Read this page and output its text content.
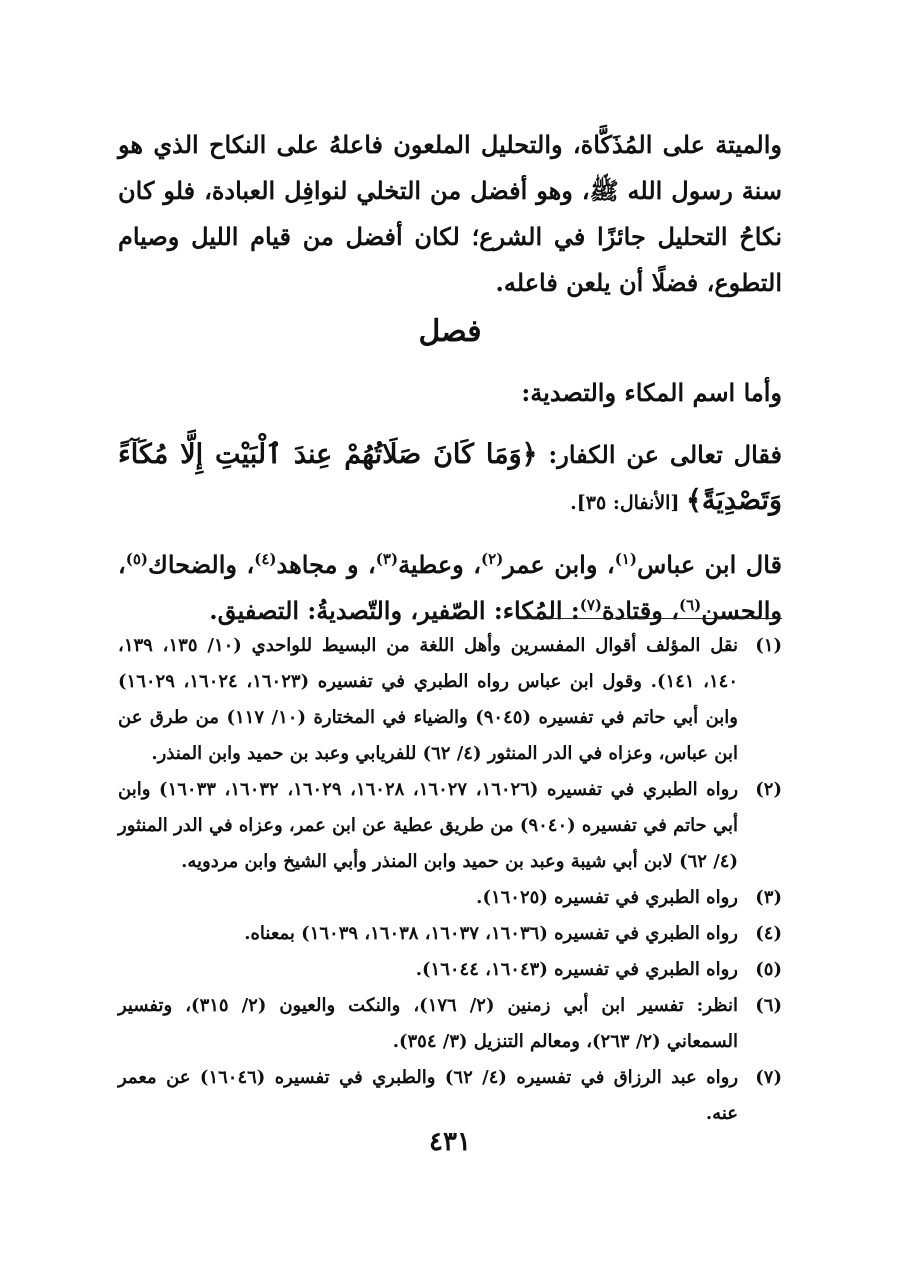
والميتة على المُذَكَّاة، والتحليل الملعون فاعلهُ على النكاح الذي هو سنة رسول الله ﷺ، وهو أفضل من التخلي لنوافِل العبادة، فلو كان نكاحُ التحليل جائزًا في الشرع؛ لكان أفضل من قيام الليل وصيام التطوع، فضلًا أن يلعن فاعله.

فصل

وأما اسم المكاء والتصدية:

فقال تعالى عن الكفار: ﴿وَمَا كَانَ صَلَاتُهُمْ عِندَ ٱلْبَيْتِ إِلَّا مُكَآءً وَتَصْدِيَةً﴾ [الأنفال: ٣٥].

قال ابن عباس$^{(١)}$، وابن عمر$^{(٢)}$، وعطية$^{(٣)}$، و مجاهد$^{(٤)}$، والضحاك$^{(٥)}$، والحسن$^{(٦)}$، وقتادة$^{(٧)}$: المُكاء: الصّفير، والتّصديةُ: التصفيق.

(١)
نقل المؤلف أقوال المفسرين وأهل اللغة من البسيط للواحدي (١٠/ ١٣٥، ١٣٩، ١٤٠، ١٤١). وقول ابن عباس رواه الطبري في تفسيره (١٦٠٢٣، ١٦٠٢٤، ١٦٠٢٩) وابن أبي حاتم في تفسيره (٩٠٤٥) والضياء في المختارة (١٠/ ١١٧) من طرق عن ابن عباس، وعزاه في الدر المنثور (٤/ ٦٢) للفريابي وعبد بن حميد وابن المنذر.
(٢)
رواه الطبري في تفسيره (١٦٠٢٦، ١٦٠٢٧، ١٦٠٢٨، ١٦٠٢٩، ١٦٠٣٢، ١٦٠٣٣) وابن أبي حاتم في تفسيره (٩٠٤٠) من طريق عطية عن ابن عمر، وعزاه في الدر المنثور (٤/ ٦٢) لابن أبي شيبة وعبد بن حميد وابن المنذر وأبي الشيخ وابن مردويه.
(٣)
رواه الطبري في تفسيره (١٦٠٢٥).
(٤)
رواه الطبري في تفسيره (١٦٠٣٦، ١٦٠٣٧، ١٦٠٣٨، ١٦٠٣٩) بمعناه.
(٥)
رواه الطبري في تفسيره (١٦٠٤٣، ١٦٠٤٤).
(٦)
انظر: تفسير ابن أبي زمنين (٢/ ١٧٦)، والنكت والعيون (٢/ ٣١٥)، وتفسير السمعاني (٢/ ٢٦٣)، ومعالم التنزيل (٣/ ٣٥٤).
(٧)
رواه عبد الرزاق في تفسيره (٤/ ٦٢) والطبري في تفسيره (١٦٠٤٦) عن معمر عنه.
٤٣١
